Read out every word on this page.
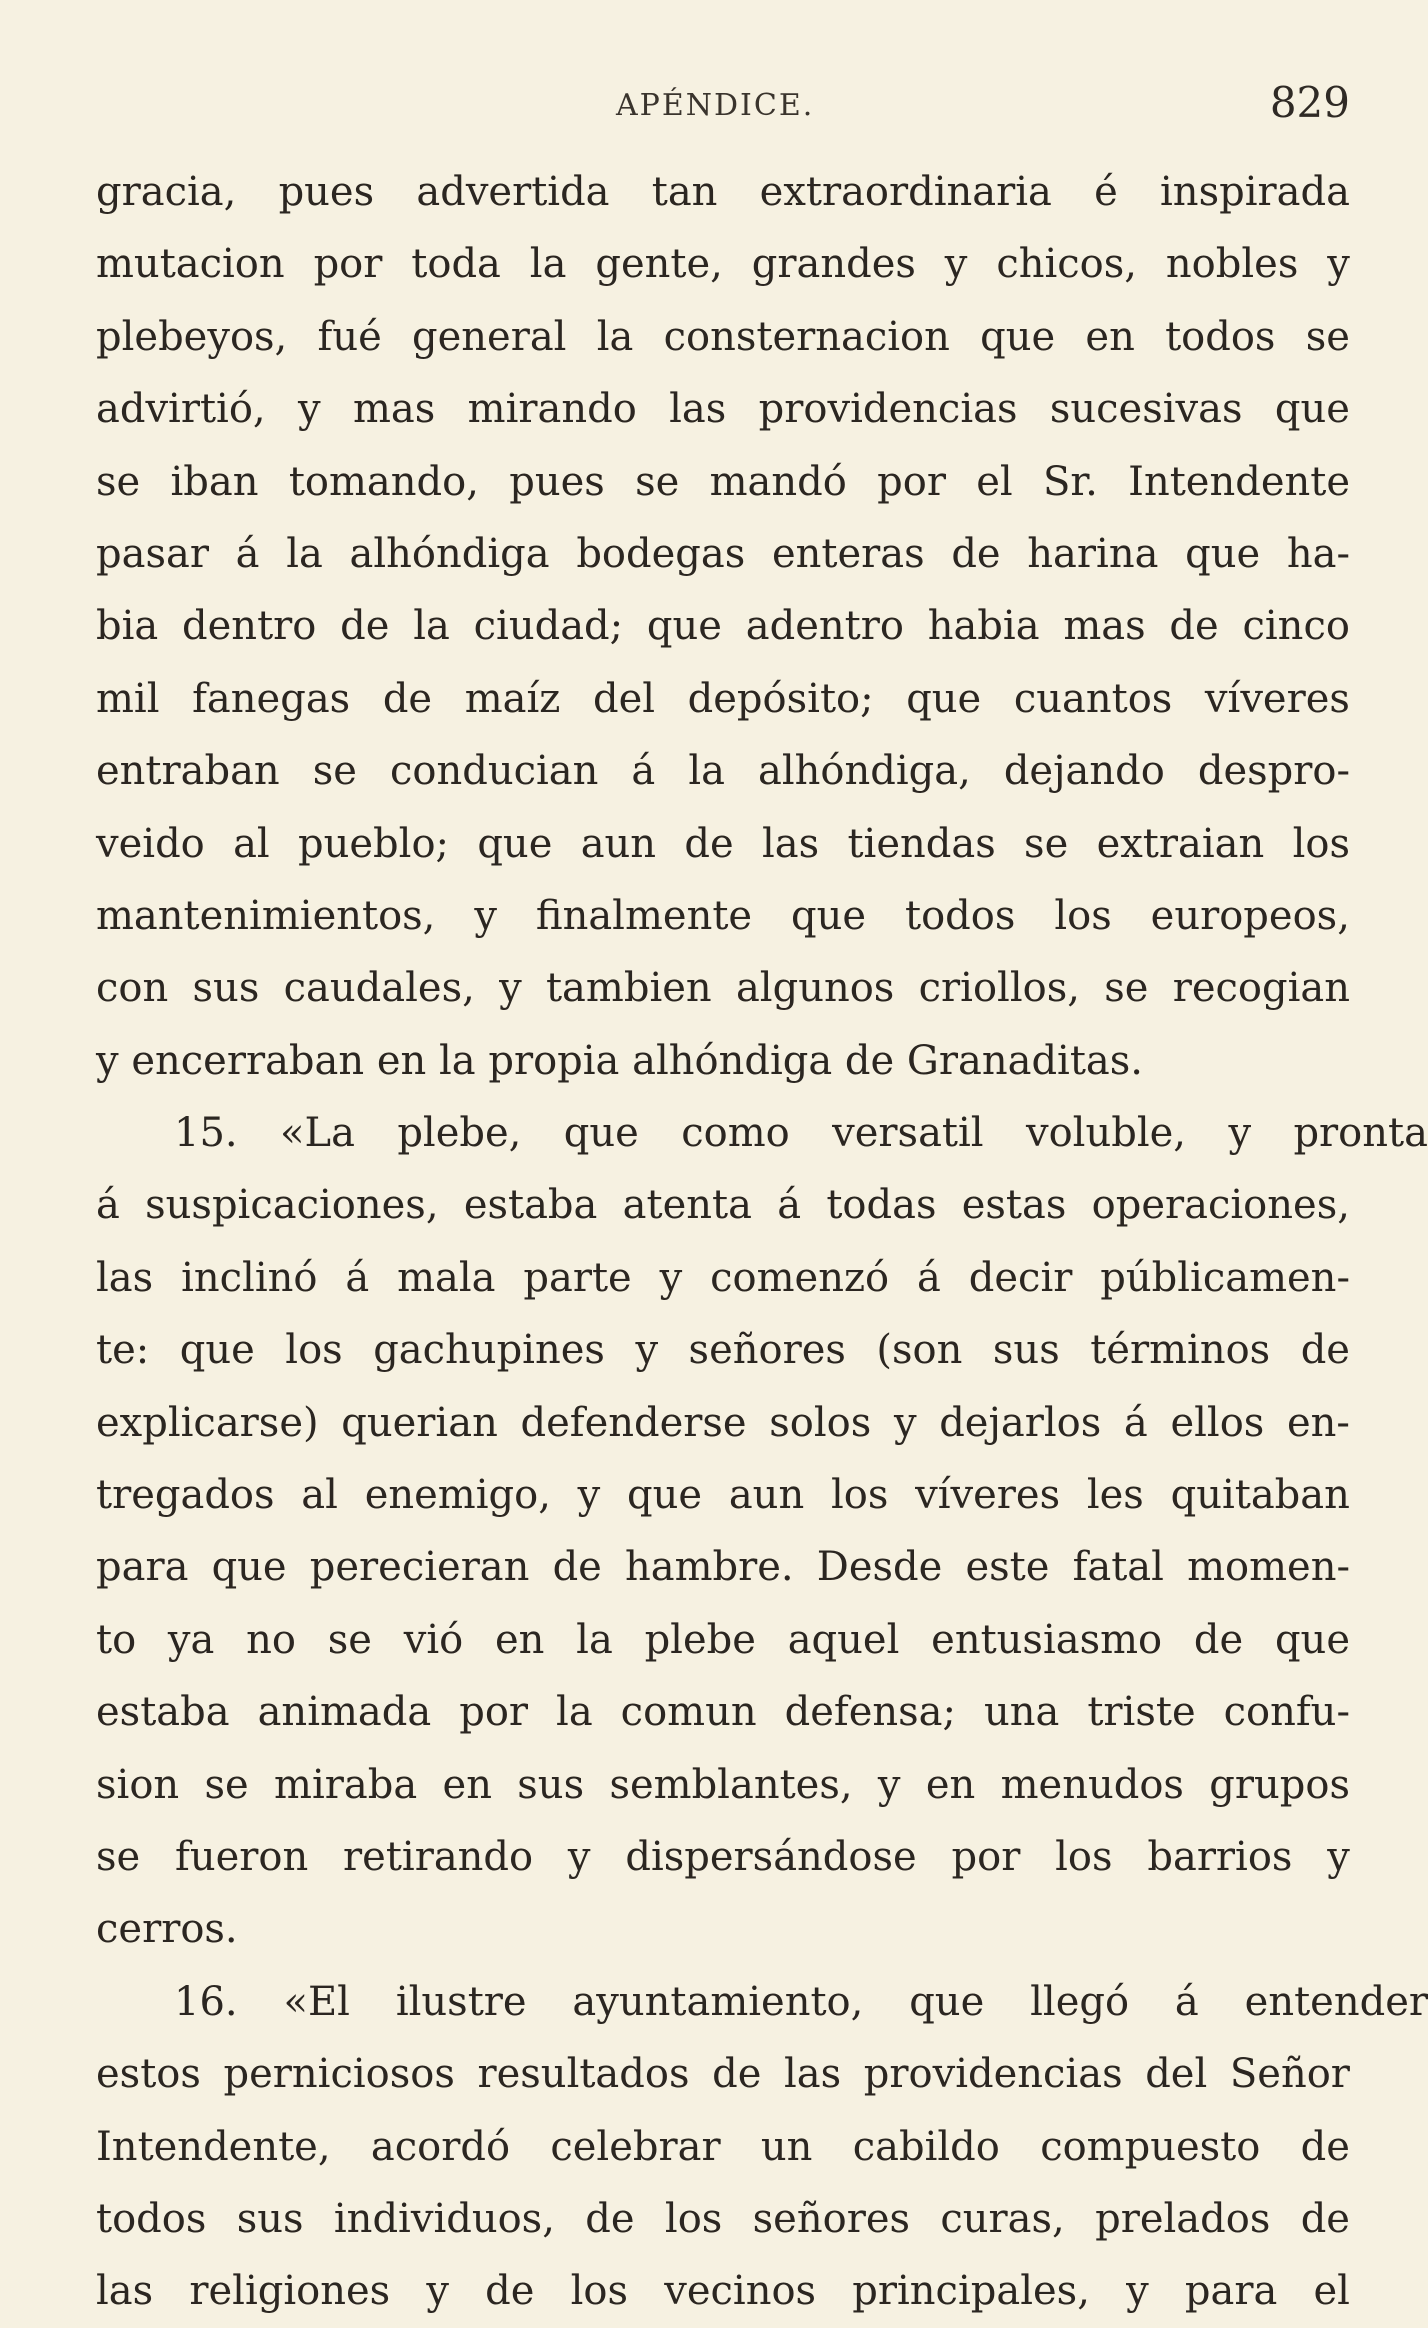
APÉNDICE.	829
gracia, pues advertida tan extraordinaria é inspirada
mutacion por toda la gente, grandes y chicos, nobles y
plebeyos, fué general la consternacion que en todos se
advirtió, y mas mirando las providencias sucesivas que
se iban tomando, pues se mandó por el Sr. Intendente
pasar á la alhóndiga bodegas enteras de harina que ha-
bia dentro de la ciudad; que adentro habia mas de cinco
mil fanegas de maíz del depósito; que cuantos víveres
entraban se conducian á la alhóndiga, dejando despro-
veido al pueblo; que aun de las tiendas se extraian los
mantenimientos, y finalmente que todos los europeos,
con sus caudales, y tambien algunos criollos, se recogian
y encerraban en la propia alhóndiga de Granaditas.
15. «La plebe, que como versatil voluble, y pronta
á suspicaciones, estaba atenta á todas estas operaciones,
las inclinó á mala parte y comenzó á decir públicamen-
te: que los gachupines y señores (son sus términos de
explicarse) querian defenderse solos y dejarlos á ellos en-
tregados al enemigo, y que aun los víveres les quitaban
para que perecieran de hambre. Desde este fatal momen-
to ya no se vió en la plebe aquel entusiasmo de que
estaba animada por la comun defensa; una triste confu-
sion se miraba en sus semblantes, y en menudos grupos
se fueron retirando y dispersándose por los barrios y
cerros.
16. «El ilustre ayuntamiento, que llegó á entender
estos perniciosos resultados de las providencias del Señor
Intendente, acordó celebrar un cabildo compuesto de
todos sus individuos, de los señores curas, prelados de
las religiones y de los vecinos principales, y para el
